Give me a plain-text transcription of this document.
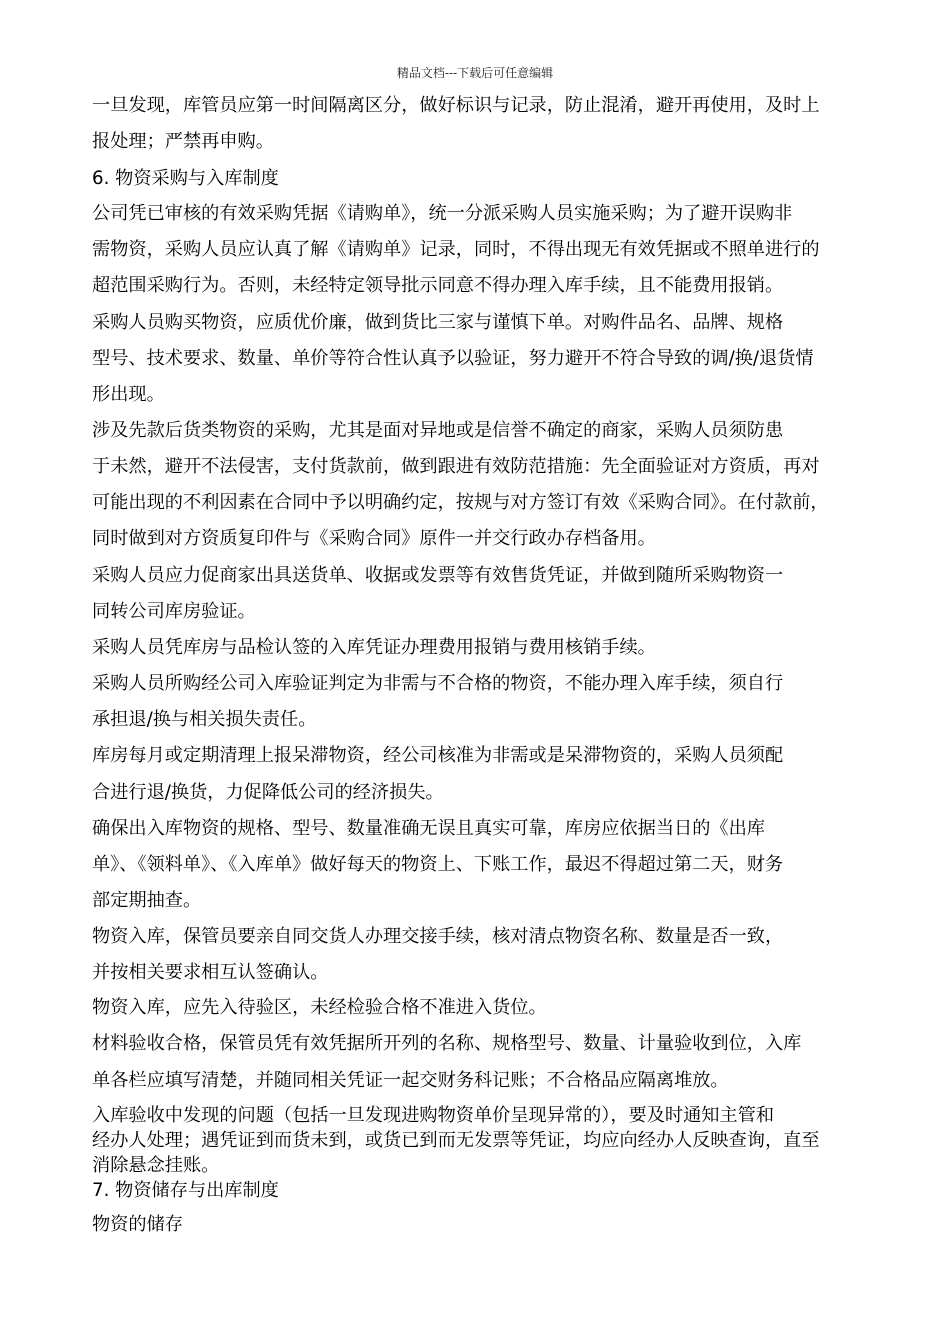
精品文档---下载后可任意编辑
一旦发现，库管员应第一时间隔离区分，做好标识与记录，防止混淆，避开再使用，及时上
报处理；严禁再申购。
6. 物资采购与入库制度
公司凭已审核的有效采购凭据《请购单》，统一分派采购人员实施采购；为了避开误购非
需物资，采购人员应认真了解《请购单》记录，同时，不得出现无有效凭据或不照单进行的
超范围采购行为。否则，未经特定领导批示同意不得办理入库手续，且不能费用报销。
采购人员购买物资，应质优价廉，做到货比三家与谨慎下单。对购件品名、品牌、规格
型号、技术要求、数量、单价等符合性认真予以验证，努力避开不符合导致的调/换/退货情
形出现。
涉及先款后货类物资的采购，尤其是面对异地或是信誉不确定的商家，采购人员须防患
于未然，避开不法侵害，支付货款前，做到跟进有效防范措施：先全面验证对方资质，再对
可能出现的不利因素在合同中予以明确约定，按规与对方签订有效《采购合同》。在付款前，
同时做到对方资质复印件与《采购合同》原件一并交行政办存档备用。
采购人员应力促商家出具送货单、收据或发票等有效售货凭证，并做到随所采购物资一
同转公司库房验证。
采购人员凭库房与品检认签的入库凭证办理费用报销与费用核销手续。
采购人员所购经公司入库验证判定为非需与不合格的物资，不能办理入库手续，须自行
承担退/换与相关损失责任。
库房每月或定期清理上报呆滞物资，经公司核准为非需或是呆滞物资的，采购人员须配
合进行退/换货，力促降低公司的经济损失。
确保出入库物资的规格、型号、数量准确无误且真实可靠，库房应依据当日的《出库
单》、《领料单》、《入库单》做好每天的物资上、下账工作，最迟不得超过第二天，财务
部定期抽查。
物资入库，保管员要亲自同交货人办理交接手续，核对清点物资名称、数量是否一致，
并按相关要求相互认签确认。
物资入库，应先入待验区，未经检验合格不准进入货位。
材料验收合格，保管员凭有效凭据所开列的名称、规格型号、数量、计量验收到位，入库
单各栏应填写清楚，并随同相关凭证一起交财务科记账；不合格品应隔离堆放。
入库验收中发现的问题（包括一旦发现进购物资单价呈现异常的），要及时通知主管和
经办人处理；遇凭证到而货未到，或货已到而无发票等凭证，均应向经办人反映查询，直至
消除悬念挂账。
7. 物资储存与出库制度
物资的储存
